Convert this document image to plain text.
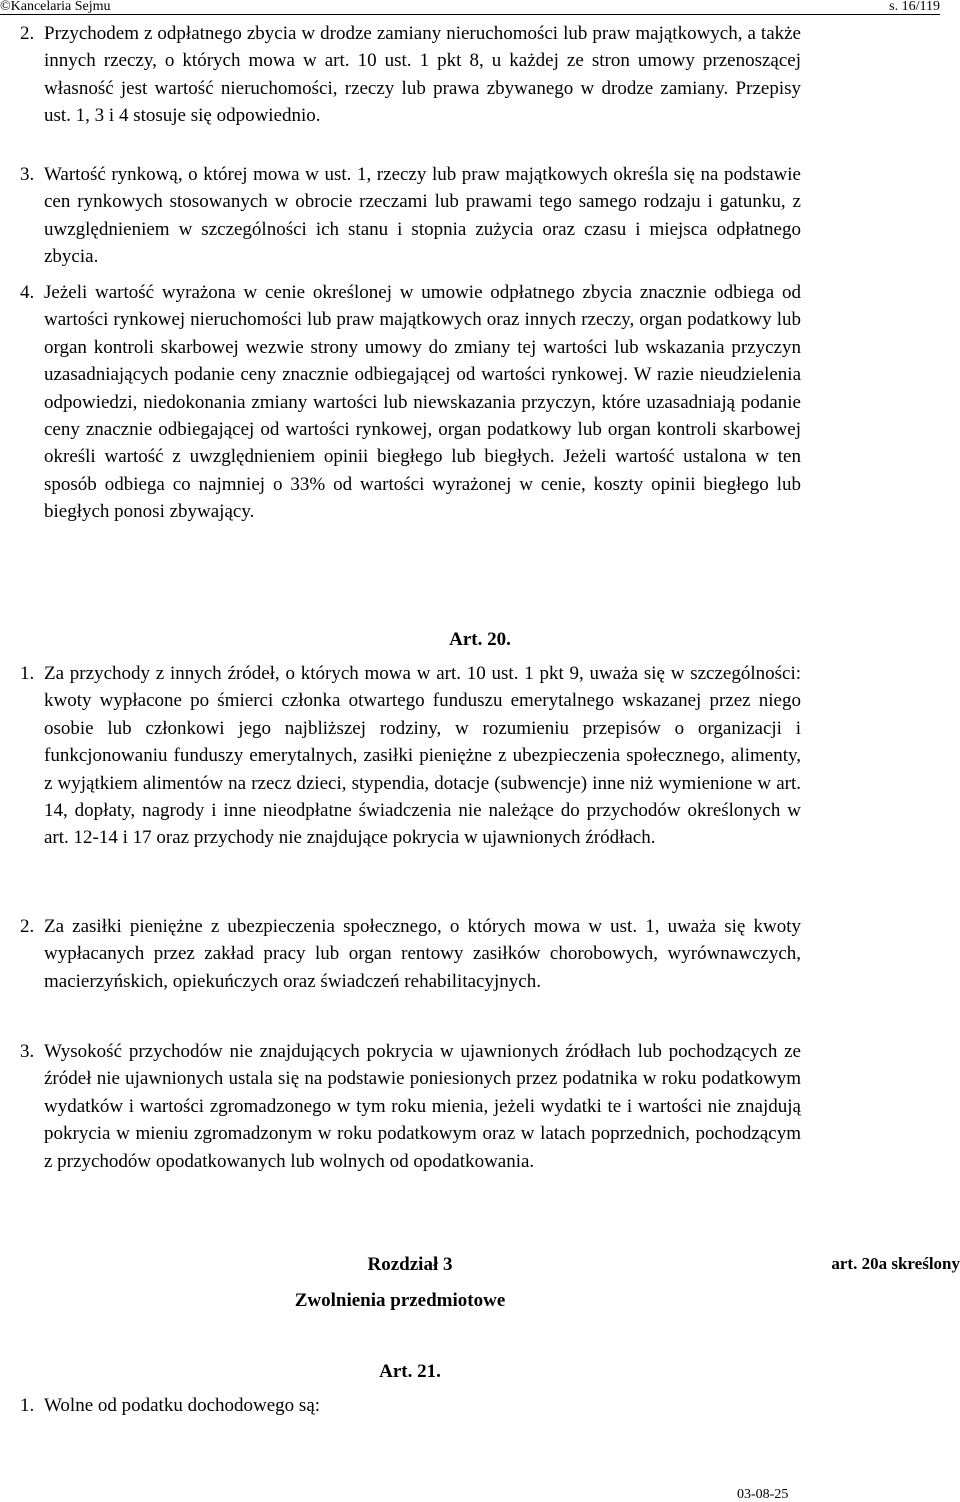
©Kancelaria Sejmu	s. 16/119
2. Przychodem z odpłatnego zbycia w drodze zamiany nieruchomości lub praw majątkowych, a także innych rzeczy, o których mowa w art. 10 ust. 1 pkt 8, u każdej ze stron umowy przenoszącej własność jest wartość nieruchomości, rzeczy lub prawa zbywanego w drodze zamiany. Przepisy ust. 1, 3 i 4 stosuje się odpowiednio.
3. Wartość rynkową, o której mowa w ust. 1, rzeczy lub praw majątkowych określa się na podstawie cen rynkowych stosowanych w obrocie rzeczami lub prawami tego samego rodzaju i gatunku, z uwzględnieniem w szczególności ich stanu i stopnia zużycia oraz czasu i miejsca odpłatnego zbycia.
4. Jeżeli wartość wyrażona w cenie określonej w umowie odpłatnego zbycia znacznie odbiega od wartości rynkowej nieruchomości lub praw majątkowych oraz innych rzeczy, organ podatkowy lub organ kontroli skarbowej wezwie strony umowy do zmiany tej wartości lub wskazania przyczyn uzasadniających podanie ceny znacznie odbiegającej od wartości rynkowej. W razie nieudzielenia odpowiedzi, niedokonania zmiany wartości lub niewskazania przyczyn, które uzasadniają podanie ceny znacznie odbiegającej od wartości rynkowej, organ podatkowy lub organ kontroli skarbowej określi wartość z uwzględnieniem opinii biegłego lub biegłych. Jeżeli wartość ustalona w ten sposób odbiega co najmniej o 33% od wartości wyrażonej w cenie, koszty opinii biegłego lub biegłych ponosi zbywający.
Art. 20.
1. Za przychody z innych źródeł, o których mowa w art. 10 ust. 1 pkt 9, uważa się w szczególności: kwoty wypłacone po śmierci członka otwartego funduszu emerytalnego wskazanej przez niego osobie lub członkowi jego najbliższej rodziny, w rozumieniu przepisów o organizacji i funkcjonowaniu funduszy emerytalnych, zasiłki pieniężne z ubezpieczenia społecznego, alimenty, z wyjątkiem alimentów na rzecz dzieci, stypendia, dotacje (subwencje) inne niż wymienione w art. 14, dopłaty, nagrody i inne nieodpłatne świadczenia nie należące do przychodów określonych w art. 12-14 i 17 oraz przychody nie znajdujące pokrycia w ujawnionych źródłach.
2. Za zasiłki pieniężne z ubezpieczenia społecznego, o których mowa w ust. 1, uważa się kwoty wypłacanych przez zakład pracy lub organ rentowy zasiłków chorobowych, wyrównawczych, macierzyńskich, opiekuńczych oraz świadczeń rehabilitacyjnych.
3. Wysokość przychodów nie znajdujących pokrycia w ujawnionych źródłach lub pochodzących ze źródeł nie ujawnionych ustala się na podstawie poniesionych przez podatnika w roku podatkowym wydatków i wartości zgromadzonego w tym roku mienia, jeżeli wydatki te i wartości nie znajdują pokrycia w mieniu zgromadzonym w roku podatkowym oraz w latach poprzednich, pochodzącym z przychodów opodatkowanych lub wolnych od opodatkowania.
Rozdział 3
Zwolnienia przedmiotowe
art. 20a skreślony
Art. 21.
1. Wolne od podatku dochodowego są:
03-08-25
